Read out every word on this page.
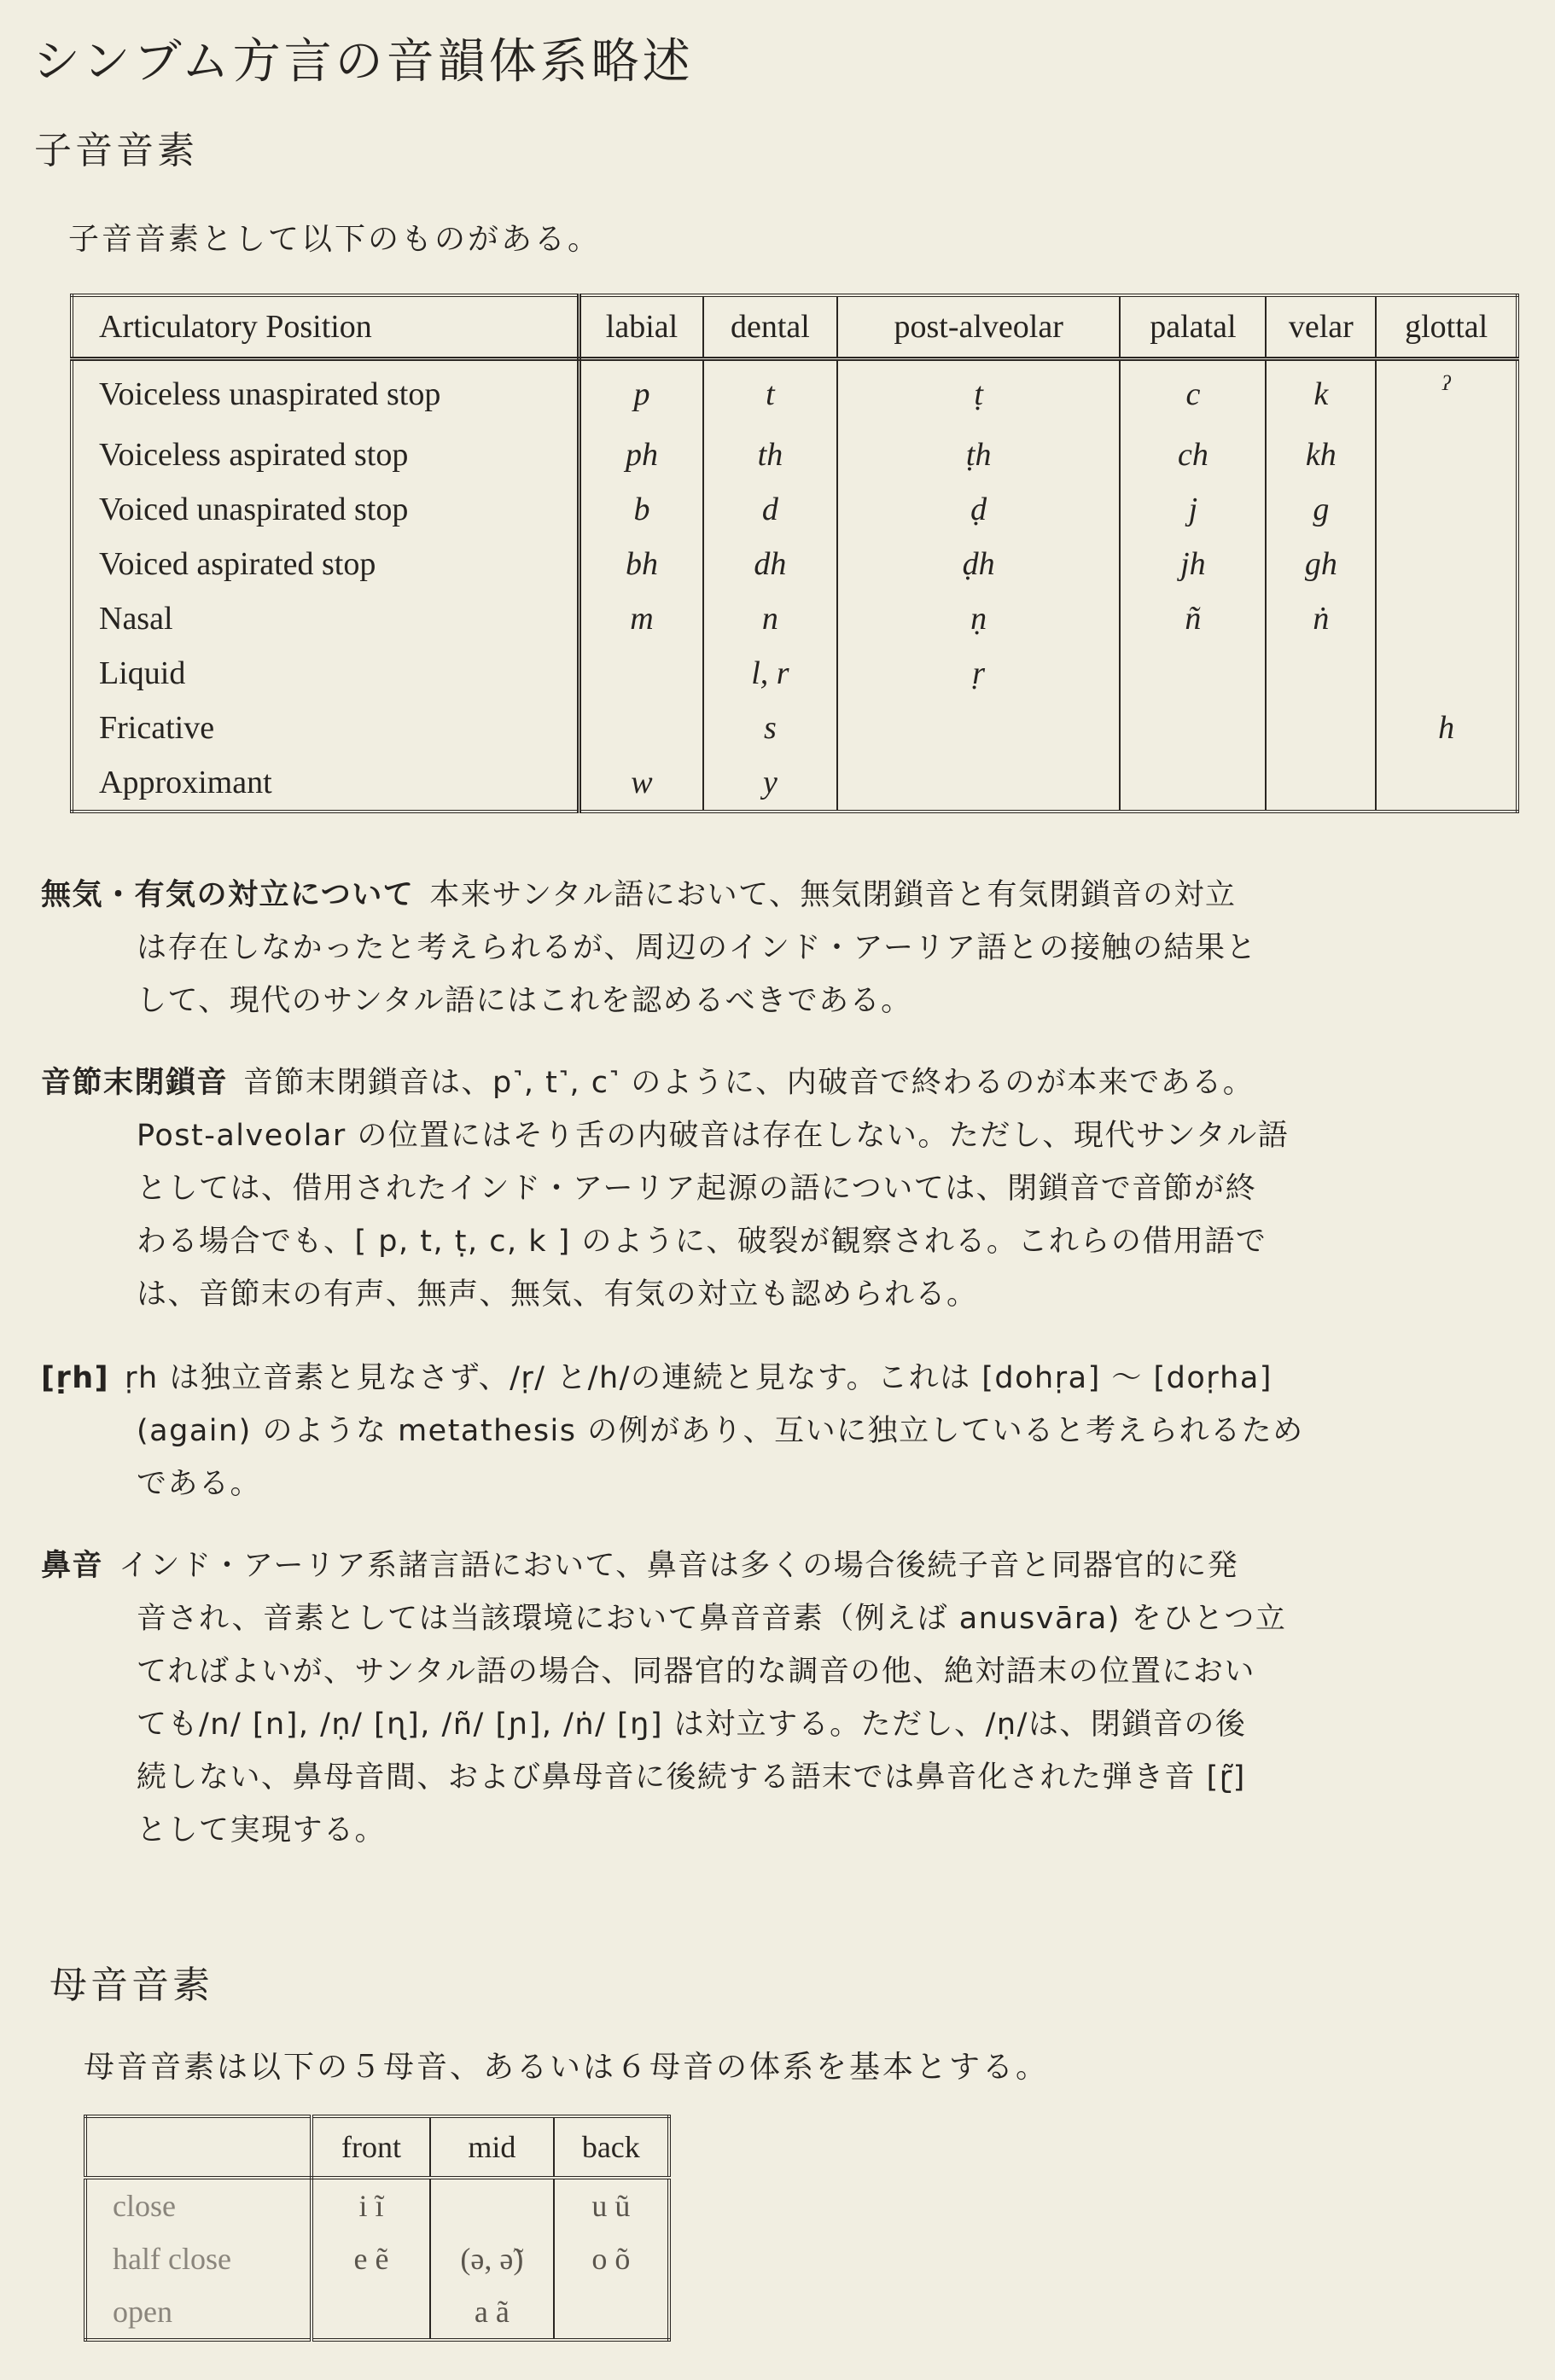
シンブム方言の音韻体系略述
子音音素
子音音素として以下のものがある。
Articulatory Position	labial	dental	post-alveolar	palatal	velar	glottal
Voiceless unaspirated stop	p	t	ṭ	c	k	ʔ
Voiceless aspirated stop	ph	th	ṭh	ch	kh	
Voiced unaspirated stop	b	d	ḍ	j	g	
Voiced aspirated stop	bh	dh	ḍh	jh	gh	
Nasal	m	n	ṇ	ñ	ṅ	
Liquid		l, r	ṛ			
Fricative		s				h
Approximant	w	y				
無気・有気の対立について 本来サンタル語において、無気閉鎖音と有気閉鎖音の対立
は存在しなかったと考えられるが、周辺のインド・アーリア語との接触の結果と
して、現代のサンタル語にはこれを認めるべきである。
音節末閉鎖音 音節末閉鎖音は、p˺, t˺, c˺ のように、内破音で終わるのが本来である。
Post-alveolar の位置にはそり舌の内破音は存在しない。ただし、現代サンタル語
としては、借用されたインド・アーリア起源の語については、閉鎖音で音節が終
わる場合でも、[ p, t, ṭ, c, k ] のように、破裂が観察される。これらの借用語で
は、音節末の有声、無声、無気、有気の対立も認められる。
[ṛh] ṛh は独立音素と見なさず、/ṛ/ と/h/の連続と見なす。これは [dohṛa] 〜 [doṛha]
(again) のような metathesis の例があり、互いに独立していると考えられるため
である。
鼻音 インド・アーリア系諸言語において、鼻音は多くの場合後続子音と同器官的に発
音され、音素としては当該環境において鼻音音素（例えば anusvāra) をひとつ立
てればよいが、サンタル語の場合、同器官的な調音の他、絶対語末の位置におい
ても/n/ [n], /ṇ/ [ɳ], /ñ/ [ɲ], /ṅ/ [ŋ] は対立する。ただし、/ṇ/は、閉鎖音の後
続しない、鼻母音間、および鼻母音に後続する語末では鼻音化された弾き音 [ɽ̃]
として実現する。
母音音素
母音音素は以下の５母音、あるいは６母音の体系を基本とする。
	front	mid	back
close	i ĩ		u ũ
half close	e ẽ	(ə, ə̃)	o õ
open		a ã	
